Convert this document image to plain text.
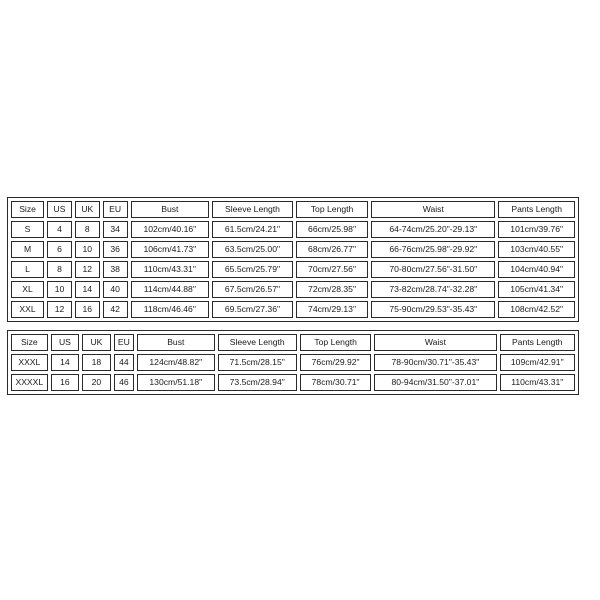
Size	US	UK	EU	Bust	Sleeve Length	Top Length	Waist	Pants Length
S	4	8	34	102cm/40.16"	61.5cm/24.21"	66cm/25.98"	64-74cm/25.20"-29.13"	101cm/39.76"
M	6	10	36	106cm/41.73"	63.5cm/25.00"	68cm/26.77"	66-76cm/25.98"-29.92"	103cm/40.55"
L	8	12	38	110cm/43.31"	65.5cm/25.79"	70cm/27.56"	70-80cm/27.56"-31.50"	104cm/40.94"
XL	10	14	40	114cm/44.88"	67.5cm/26.57"	72cm/28.35"	73-82cm/28.74"-32.28"	105cm/41.34"
XXL	12	16	42	118cm/46.46"	69.5cm/27.36"	74cm/29.13"	75-90cm/29.53"-35.43"	108cm/42.52"
Size	US	UK	EU	Bust	Sleeve Length	Top Length	Waist	Pants Length
XXXL	14	18	44	124cm/48.82"	71.5cm/28.15"	76cm/29.92"	78-90cm/30.71"-35.43"	109cm/42.91"
XXXXL	16	20	46	130cm/51.18"	73.5cm/28.94"	78cm/30.71"	80-94cm/31.50"-37.01"	110cm/43.31"
